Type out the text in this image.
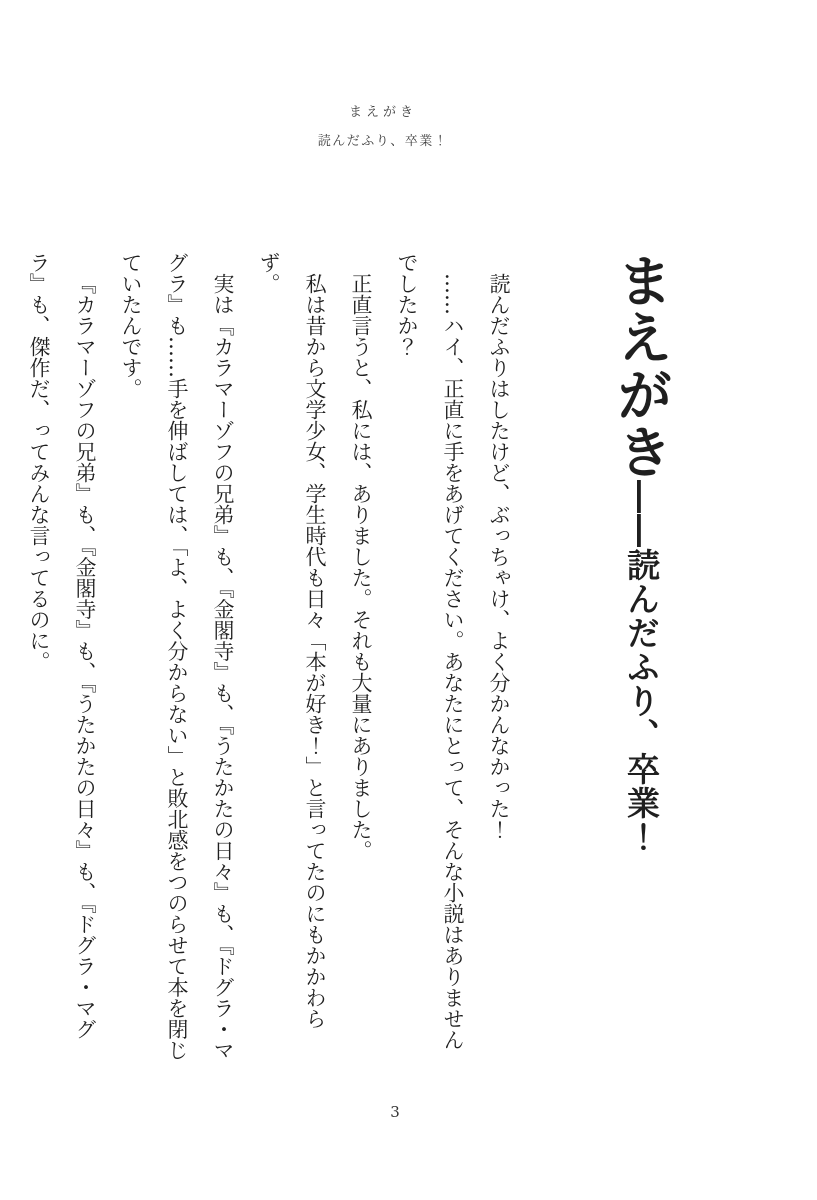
まえがき
読んだふり、卒業！
まえがき――読んだふり、卒業！

読んだふりはしたけど、ぶっちゃけ、よく分かんなかった！

……ハイ、正直に手をあげてください。あなたにとって、そんな小説はありませんでしたか？

正直言うと、私には、ありました。それも大量にありました。

私は昔から文学少女、学生時代も日々「本が好き！」と言ってたのにもかかわらず。

実は『カラマーゾフの兄弟』も、『金閣寺』も、『うたかたの日々』も、『ドグラ・マグラ』も……手を伸ばしては、「よ、よく分からない」と敗北感をつのらせて本を閉じていたんです。

『カラマーゾフの兄弟』も、『金閣寺』も、『うたかたの日々』も、『ドグラ・マグラ』も、傑作だ、ってみんな言ってるのに。

3
